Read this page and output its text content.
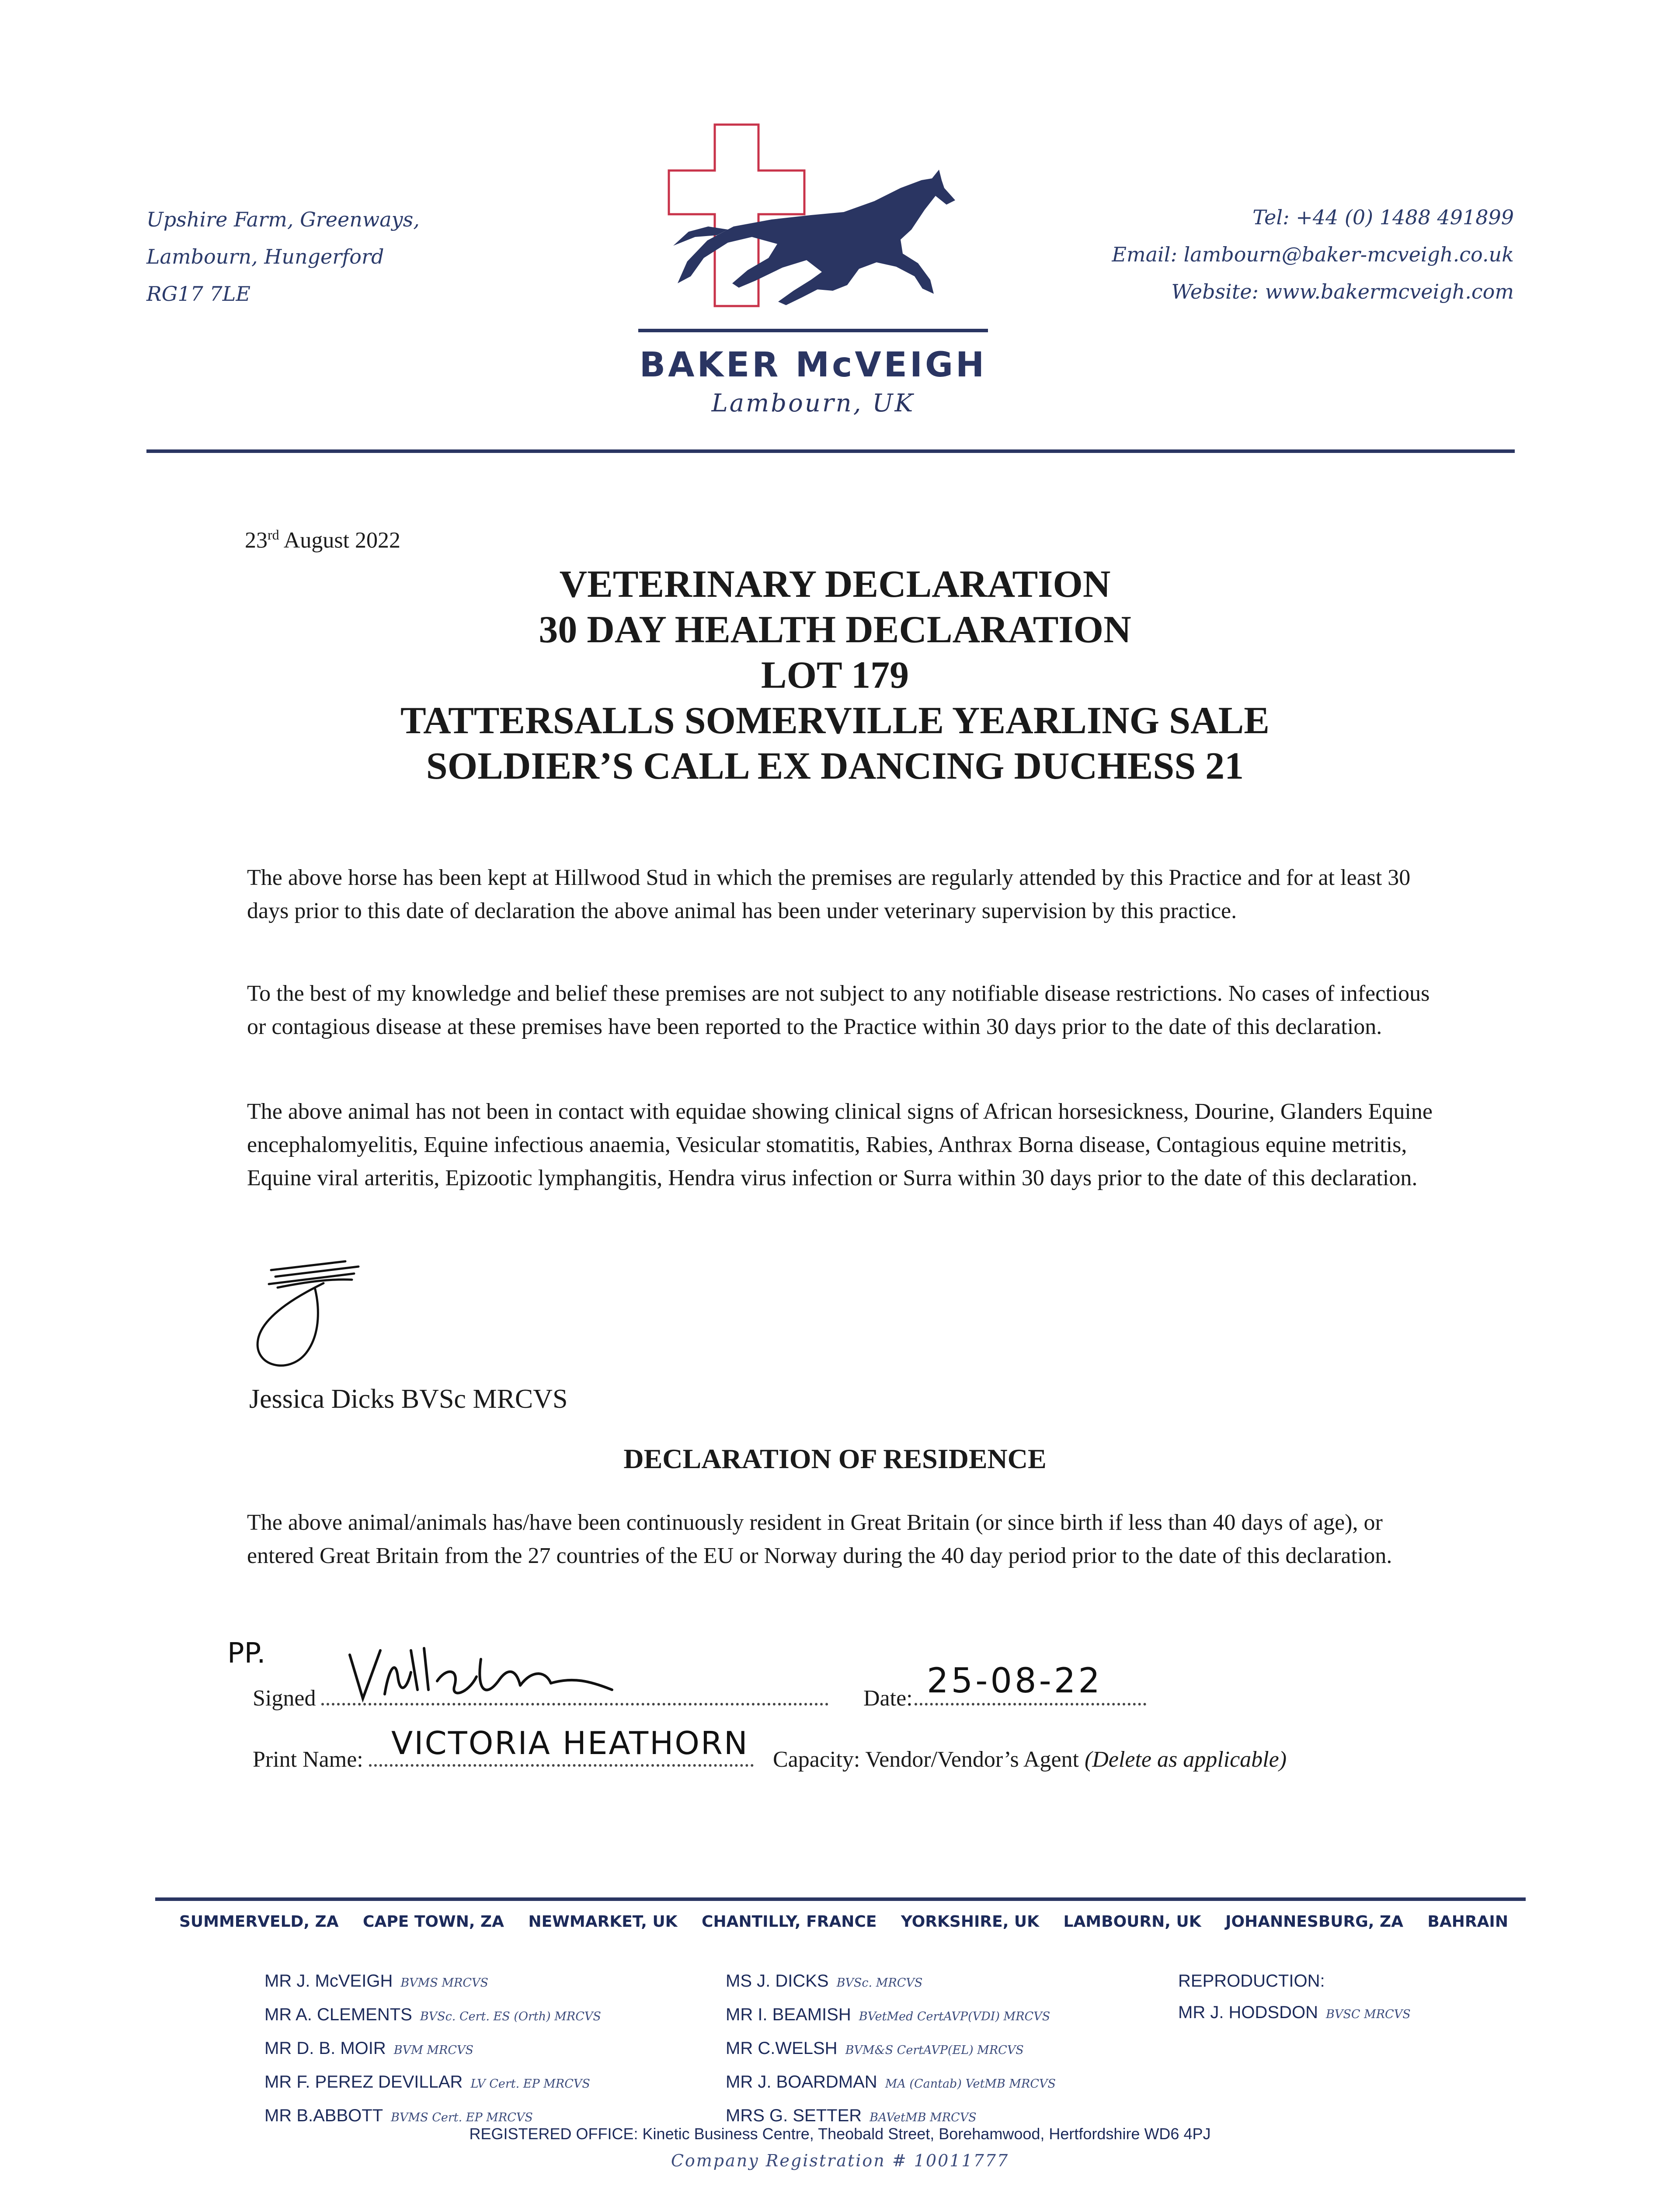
Upshire Farm, Greenways,
Lambourn, Hungerford
RG17 7LE
Tel: +44 (0) 1488 491899
Email: lambourn@baker-mcveigh.co.uk
Website: www.bakermcveigh.com
BAKER McVEIGH
Lambourn, UK
23rd August 2022
VETERINARY DECLARATION
30 DAY HEALTH DECLARATION
LOT 179
TATTERSALLS SOMERVILLE YEARLING SALE
SOLDIER’S CALL EX DANCING DUCHESS 21
The above horse has been kept at Hillwood Stud in which the premises are regularly attended by this Practice and for at least 30 days prior to this date of declaration the above animal has been under veterinary supervision by this practice.
To the best of my knowledge and belief these premises are not subject to any notifiable disease restrictions. No cases of infectious or contagious disease at these premises have been reported to the Practice within 30 days prior to the date of this declaration.
The above animal has not been in contact with equidae showing clinical signs of African horsesickness, Dourine, Glanders Equine encephalomyelitis, Equine infectious anaemia, Vesicular stomatitis, Rabies, Anthrax Borna disease, Contagious equine metritis, Equine viral arteritis, Epizootic lymphangitis, Hendra virus infection or Surra within 30 days prior to the date of this declaration.
Jessica Dicks BVSc MRCVS
DECLARATION OF RESIDENCE
The above animal/animals has/have been continuously resident in Great Britain (or since birth if less than 40 days of age), or entered Great Britain from the 27 countries of the EU or Norway during the 40 day period prior to the date of this declaration.
PP.
Signed	Date: 25-08-22
Print Name: VICTORIA HEATHORN Capacity: Vendor/Vendor’s Agent (Delete as applicable)
SUMMERVELD, ZA CAPE TOWN, ZA NEWMARKET, UK CHANTILLY, FRANCE YORKSHIRE, UK LAMBOURN, UK JOHANNESBURG, ZA BAHRAIN
MR J. McVEIGH BVMS MRCVS
MR A. CLEMENTS BVSc. Cert. ES (Orth) MRCVS
MR D. B. MOIR BVM MRCVS
MR F. PEREZ DEVILLAR LV Cert. EP MRCVS
MR B.ABBOTT BVMS Cert. EP MRCVS
MS J. DICKS BVSc. MRCVS
MR I. BEAMISH BVetMed CertAVP(VDI) MRCVS
MR C.WELSH BVM&S CertAVP(EL) MRCVS
MR J. BOARDMAN MA (Cantab) VetMB MRCVS
MRS G. SETTER BAVetMB MRCVS
REPRODUCTION:
MR J. HODSDON BVSC MRCVS
REGISTERED OFFICE: Kinetic Business Centre, Theobald Street, Borehamwood, Hertfordshire WD6 4PJ
Company Registration # 10011777
